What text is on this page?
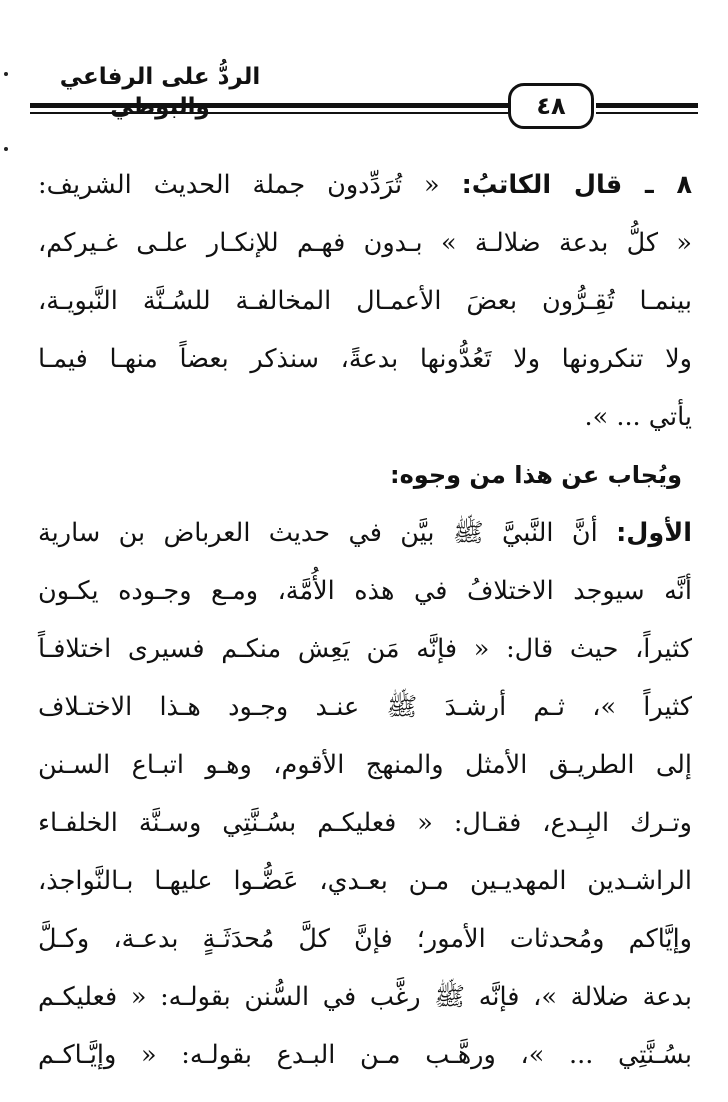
الردُّ على الرفاعي
٤٨
٨ ـ قال الكاتبُ: « تُرَدِّدون جملة الحديث الشريف:
« كلُّ بدعة ضلالـة » بـدون فهـم للإنكـار علـى غـيركم،
بينمـا تُقِـرُّون بعضَ الأعمـال المخالفـة للسُـنَّة النَّبويـة،
ولا تنكرونها ولا تَعُدُّونها بدعةً، سنذكر بعضاً منهـا فيمـا
يأتي ... ».
ويُجاب عن هذا من وجوه:
الأول: أنَّ النَّبيَّ ﷺ بيَّن في حديث العرباض بن سارية
أنَّه سيوجد الاختلافُ في هذه الأُمَّة، ومـع وجـوده يكـون
كثيراً، حيث قال: « فإنَّه مَن يَعِش منكـم فسيرى اختلافـاً
كثيراً »، ثـم أرشـدَ ﷺ عنـد وجـود هـذا الاختـلاف
إلى الطريـق الأمثل والمنهج الأقوم، وهـو اتبـاع السـنن
وتـرك البِـدع، فقـال: « فعليكـم بسُـنَّتِي وسـنَّة الخلفـاء
الراشـدين المهديـين مـن بعـدي، عَضُّـوا عليهـا بـالنَّواجذ،
وإيَّاكم ومُحدثات الأمور؛ فإنَّ كلَّ مُحدَثَـةٍ بدعـة، وكـلَّ
بدعة ضلالة »، فإنَّه ﷺ رغَّب في السُّنن بقولـه: « فعليكـم
بسُـنَّتِي ... »، ورهَّـب مـن البـدع بقولـه: « وإيَّـاكـم
